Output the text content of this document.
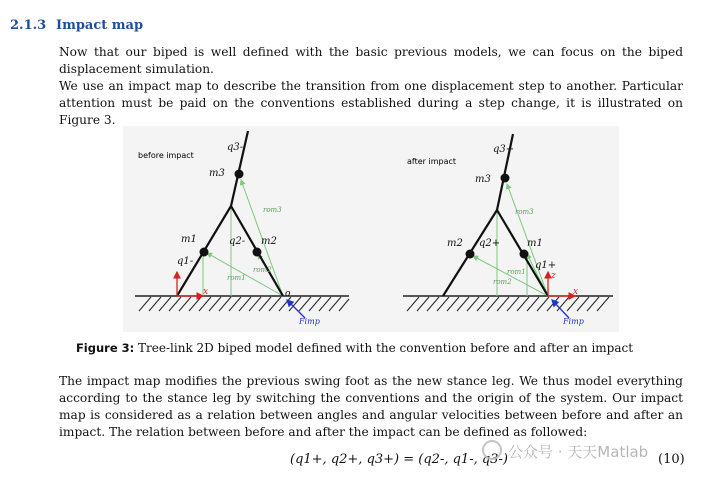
2.1.3 Impact map

Now that our biped is well defined with the basic previous models, we can focus on the biped displacement simulation.

We use an impact map to describe the transition from one displacement step to another. Particular attention must be paid on the conventions established during a step change, it is illustrated on Figure 3.

before impact
q3-
m3
m1	m2
q1-
q2-
x	o
Fimp
rom3
rom2
rom1
after impact
q3+
m3
m2	m1
q1+
q2+
x
z
Fimp
rom3
rom2
rom1
Figure 3: Tree-link 2D biped model defined with the convention before and after an impact

The impact map modifies the previous swing foot as the new stance leg. We thus model everything according to the stance leg by switching the conventions and the origin of the system. Our impact map is considered as a relation between angles and angular velocities between before and after an impact. The relation between before and after the impact can be defined as followed:

(q1+, q2+, q3+) = (q2-, q1-, q3-)	(10)
公众号 · 天天Matlab
